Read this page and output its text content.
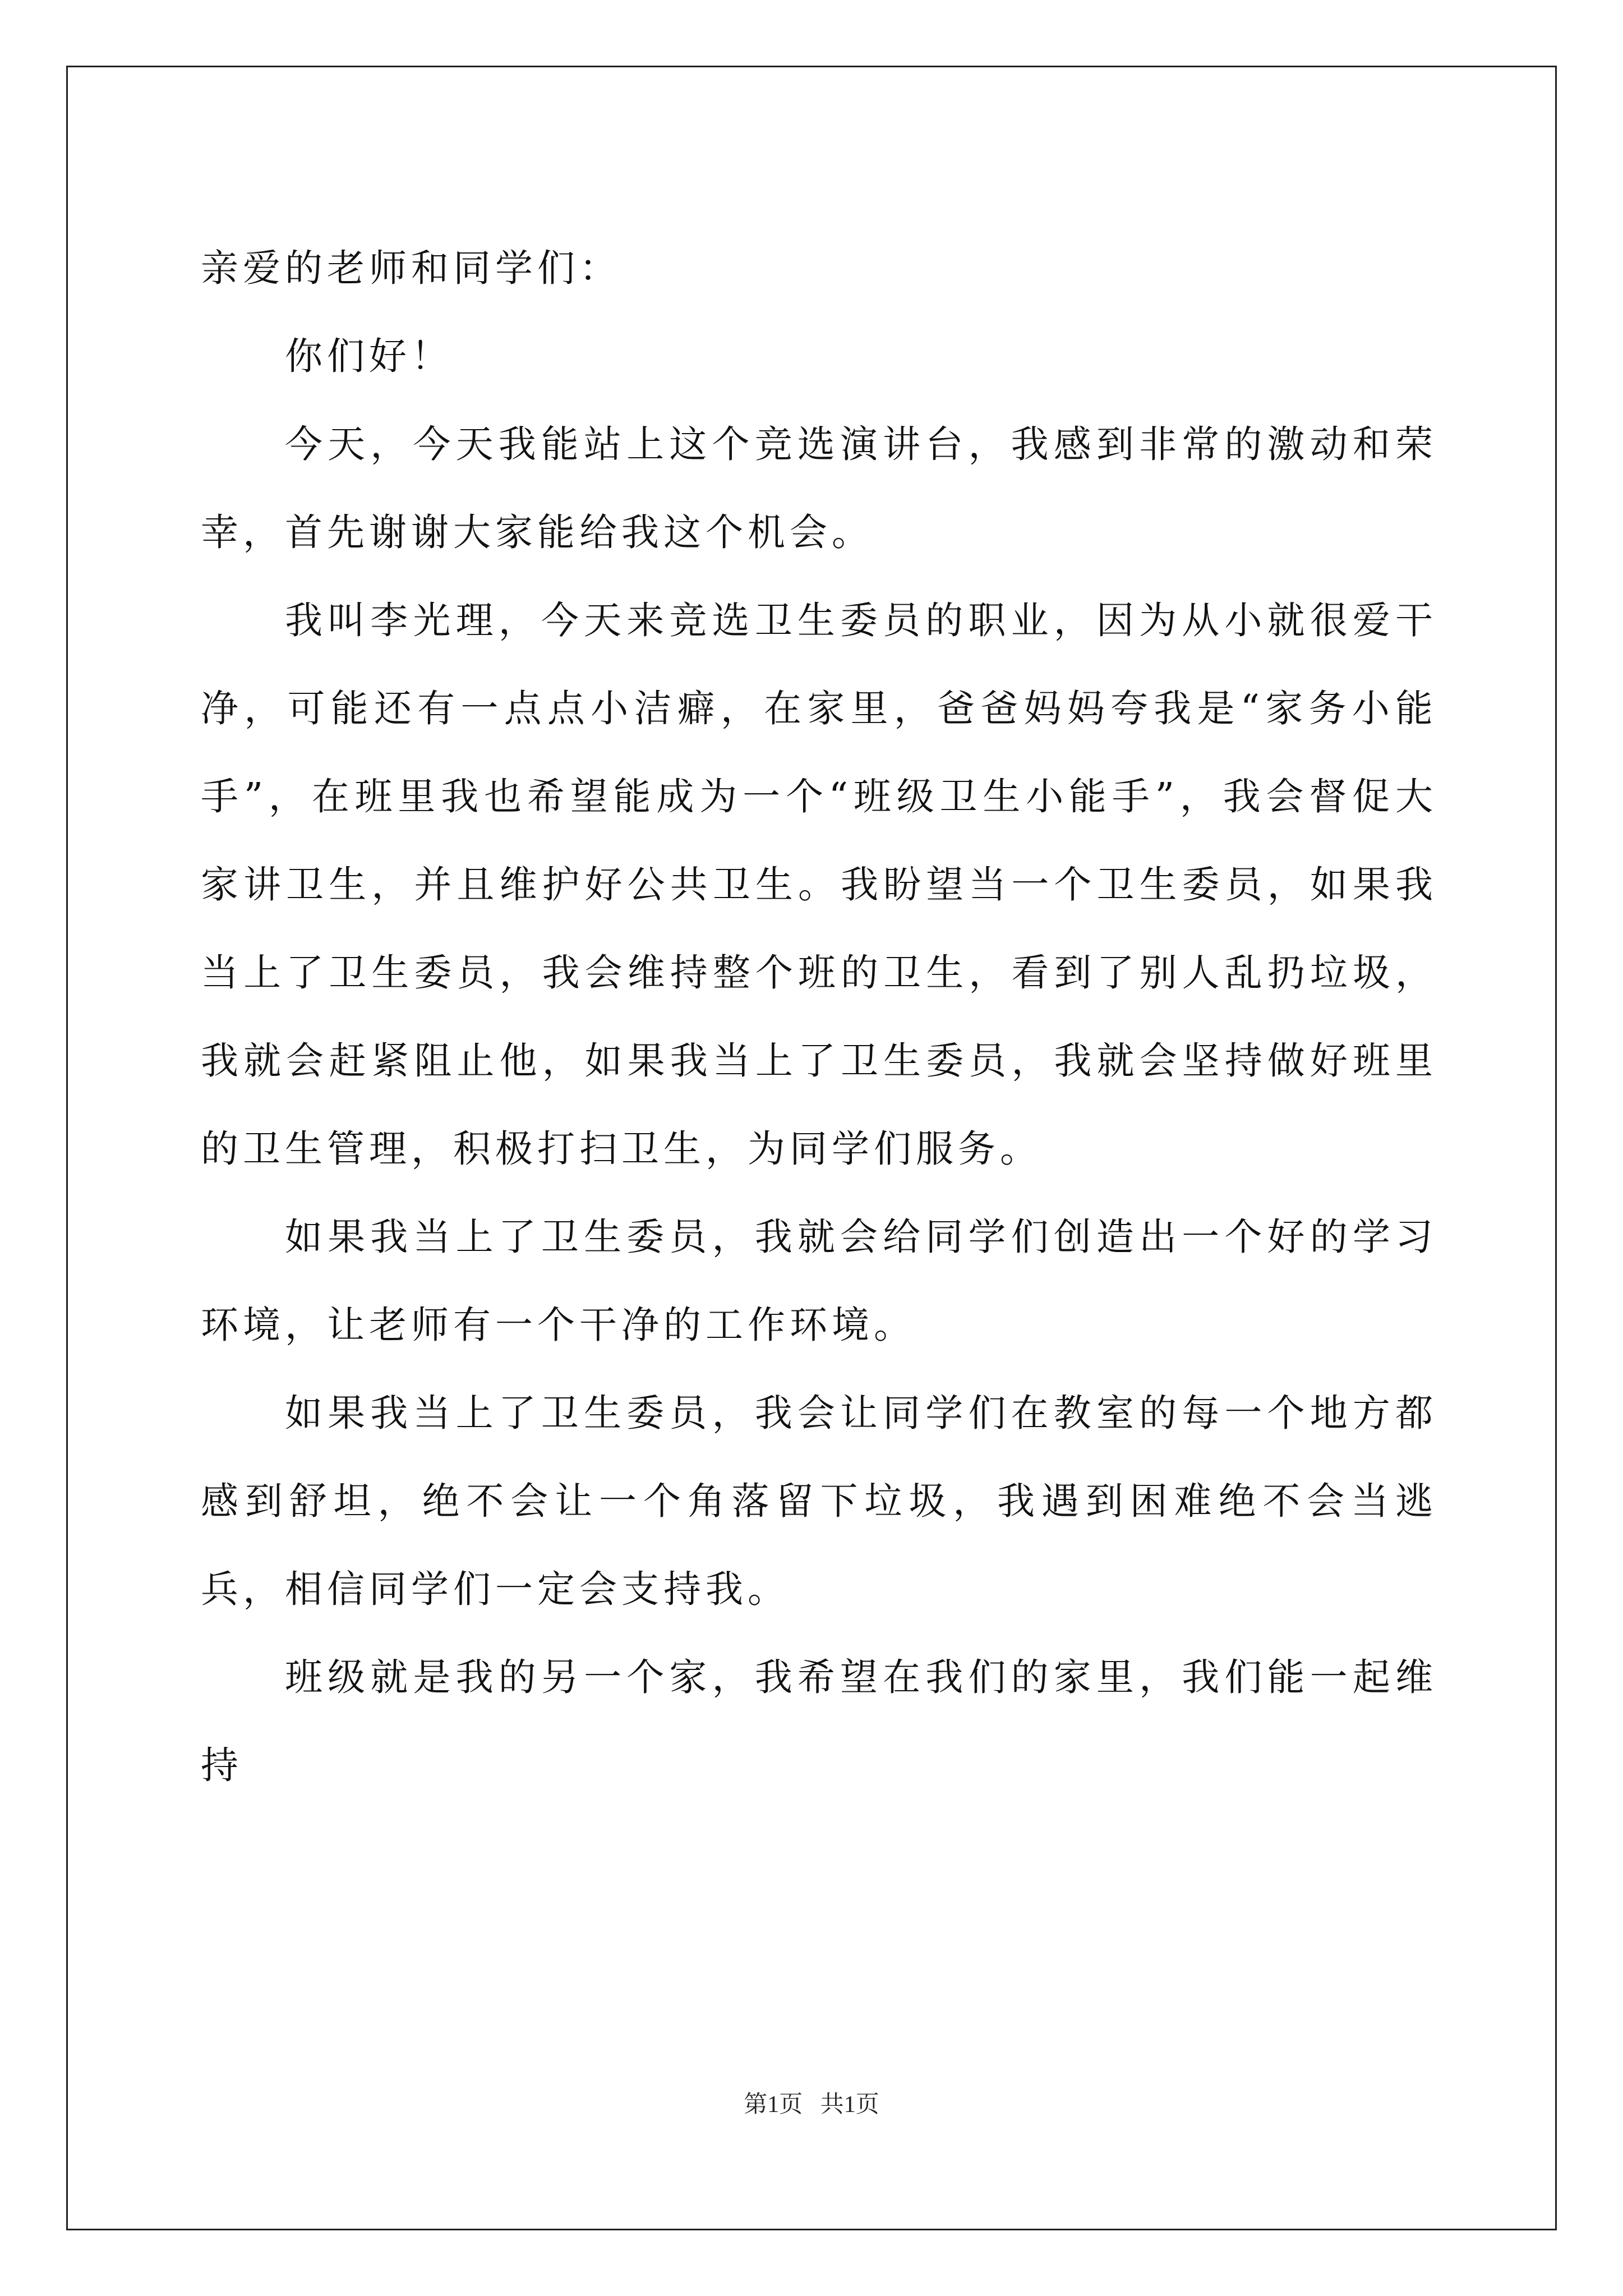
亲爱的老师和同学们：

你们好！

今天，今天我能站上这个竞选演讲台，我感到非常的激动和荣幸，首先谢谢大家能给我这个机会。

我叫李光理，今天来竞选卫生委员的职业，因为从小就很爱干净，可能还有一点点小洁癖，在家里，爸爸妈妈夸我是“家务小能手”，在班里我也希望能成为一个“班级卫生小能手”，我会督促大家讲卫生，并且维护好公共卫生。我盼望当一个卫生委员，如果我当上了卫生委员，我会维持整个班的卫生，看到了别人乱扔垃圾，我就会赶紧阻止他，如果我当上了卫生委员，我就会坚持做好班里的卫生管理，积极打扫卫生，为同学们服务。

如果我当上了卫生委员，我就会给同学们创造出一个好的学习环境，让老师有一个干净的工作环境。

如果我当上了卫生委员，我会让同学们在教室的每一个地方都感到舒坦，绝不会让一个角落留下垃圾，我遇到困难绝不会当逃兵，相信同学们一定会支持我。

班级就是我的另一个家，我希望在我们的家里，我们能一起维持

第1页 共1页
